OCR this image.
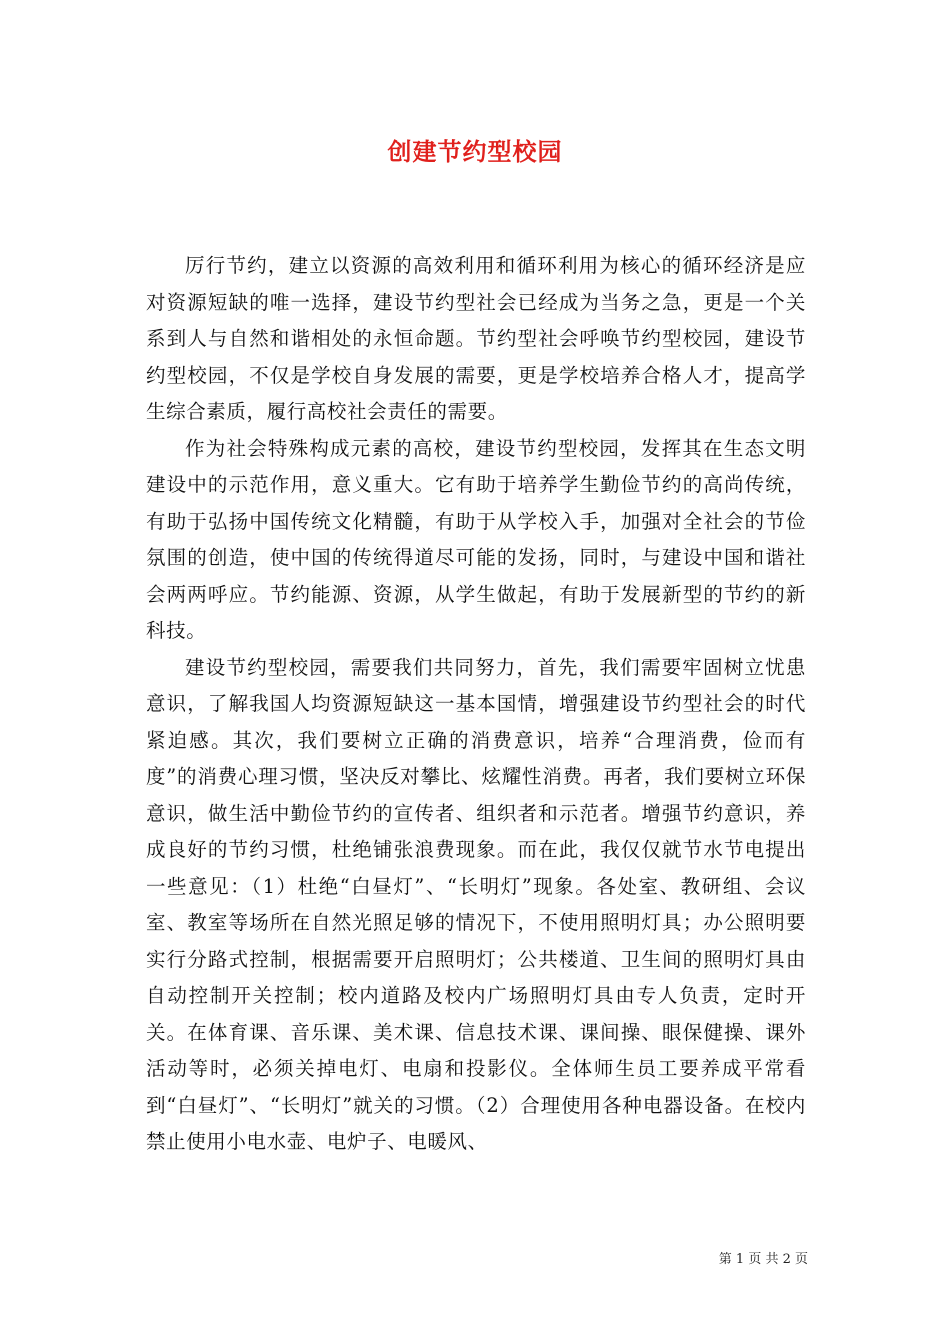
创建节约型校园

厉行节约，建立以资源的高效利用和循环利用为核心的循环经济是应对资源短缺的唯一选择，建设节约型社会已经成为当务之急，更是一个关系到人与自然和谐相处的永恒命题。节约型社会呼唤节约型校园，建设节约型校园，不仅是学校自身发展的需要，更是学校培养合格人才，提高学生综合素质，履行高校社会责任的需要。

作为社会特殊构成元素的高校，建设节约型校园，发挥其在生态文明建设中的示范作用，意义重大。它有助于培养学生勤俭节约的高尚传统，有助于弘扬中国传统文化精髓，有助于从学校入手，加强对全社会的节俭氛围的创造，使中国的传统得道尽可能的发扬，同时，与建设中国和谐社会两两呼应。节约能源、资源，从学生做起，有助于发展新型的节约的新科技。

建设节约型校园，需要我们共同努力，首先，我们需要牢固树立忧患意识，了解我国人均资源短缺这一基本国情，增强建设节约型社会的时代紧迫感。其次，我们要树立正确的消费意识，培养“合理消费，俭而有度”的消费心理习惯，坚决反对攀比、炫耀性消费。再者，我们要树立环保意识，做生活中勤俭节约的宣传者、组织者和示范者。增强节约意识，养成良好的节约习惯，杜绝铺张浪费现象。而在此，我仅仅就节水节电提出一些意见：（1）杜绝“白昼灯”、“长明灯”现象。各处室、教研组、会议室、教室等场所在自然光照足够的情况下，不使用照明灯具；办公照明要实行分路式控制，根据需要开启照明灯；公共楼道、卫生间的照明灯具由自动控制开关控制；校内道路及校内广场照明灯具由专人负责，定时开关。在体育课、音乐课、美术课、信息技术课、课间操、眼保健操、课外活动等时，必须关掉电灯、电扇和投影仪。全体师生员工要养成平常看到“白昼灯”、“长明灯”就关的习惯。（2）合理使用各种电器设备。在校内禁止使用小电水壶、电炉子、电暖风、

第 1 页 共 2 页
